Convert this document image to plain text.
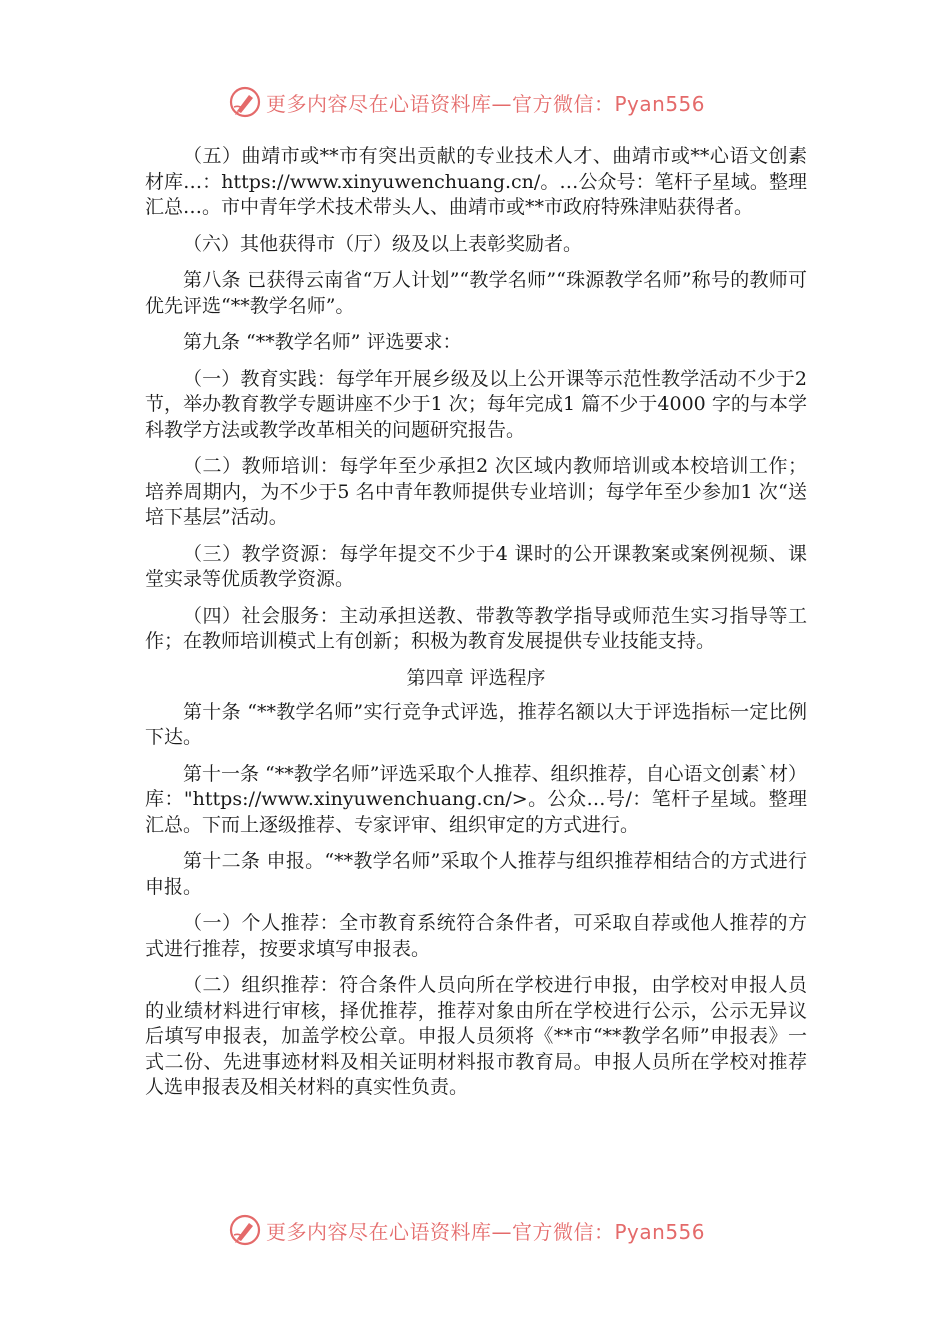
更多内容尽在心语资料库—官方微信：Pyan556

（五）曲靖市或**市有突出贡献的专业技术人才、曲靖市或**心语文创素材库…：https://www.xinyuwenchuang.cn/。…公众号：笔杆子星域。整理汇总…。市中青年学术技术带头人、曲靖市或**市政府特殊津贴获得者。

（六）其他获得市（厅）级及以上表彰奖励者。

第八条 已获得云南省“万人计划”“教学名师”“珠源教学名师”称号的教师可优先评选“**教学名师”。

第九条 “**教学名师” 评选要求：

（一）教育实践：每学年开展乡级及以上公开课等示范性教学活动不少于2 节，举办教育教学专题讲座不少于1 次；每年完成1 篇不少于4000 字的与本学科教学方法或教学改革相关的问题研究报告。

（二）教师培训：每学年至少承担2 次区域内教师培训或本校培训工作；培养周期内，为不少于5 名中青年教师提供专业培训；每学年至少参加1 次“送培下基层”活动。

（三）教学资源：每学年提交不少于4 课时的公开课教案或案例视频、课堂实录等优质教学资源。

（四）社会服务：主动承担送教、带教等教学指导或师范生实习指导等工作；在教师培训模式上有创新；积极为教育发展提供专业技能支持。

第四章 评选程序

第十条 “**教学名师”实行竞争式评选，推荐名额以大于评选指标一定比例下达。

第十一条 “**教学名师”评选采取个人推荐、组织推荐，自心语文创素`材）库："https://www.xinyuwenchuang.cn/>。公众…号/：笔杆子星域。整理汇总。下而上逐级推荐、专家评审、组织审定的方式进行。

第十二条 申报。“**教学名师”采取个人推荐与组织推荐相结合的方式进行申报。

（一）个人推荐：全市教育系统符合条件者，可采取自荐或他人推荐的方式进行推荐，按要求填写申报表。

（二）组织推荐：符合条件人员向所在学校进行申报，由学校对申报人员的业绩材料进行审核，择优推荐，推荐对象由所在学校进行公示，公示无异议后填写申报表，加盖学校公章。申报人员须将《**市“**教学名师”申报表》一式二份、先进事迹材料及相关证明材料报市教育局。申报人员所在学校对推荐人选申报表及相关材料的真实性负责。

更多内容尽在心语资料库—官方微信：Pyan556
